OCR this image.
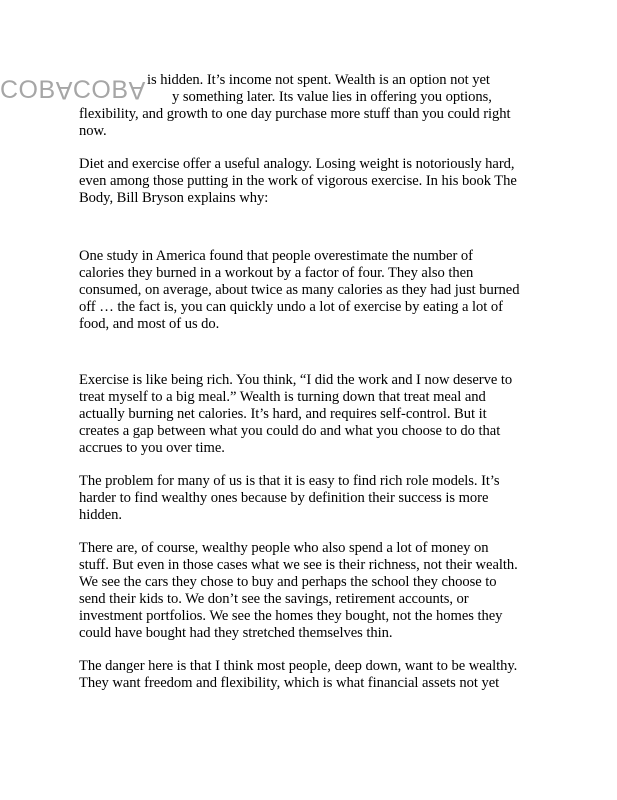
COBACOBA is hidden. It’s income not spent. Wealth is an option not yet
y something later. Its value lies in offering you options,
flexibility, and growth to one day purchase more stuff than you could right
now.

Diet and exercise offer a useful analogy. Losing weight is notoriously hard,
even among those putting in the work of vigorous exercise. In his book The
Body, Bill Bryson explains why:

One study in America found that people overestimate the number of
calories they burned in a workout by a factor of four. They also then
consumed, on average, about twice as many calories as they had just burned
off … the fact is, you can quickly undo a lot of exercise by eating a lot of
food, and most of us do.

Exercise is like being rich. You think, “I did the work and I now deserve to
treat myself to a big meal.” Wealth is turning down that treat meal and
actually burning net calories. It’s hard, and requires self-control. But it
creates a gap between what you could do and what you choose to do that
accrues to you over time.

The problem for many of us is that it is easy to find rich role models. It’s
harder to find wealthy ones because by definition their success is more
hidden.

There are, of course, wealthy people who also spend a lot of money on
stuff. But even in those cases what we see is their richness, not their wealth.
We see the cars they chose to buy and perhaps the school they choose to
send their kids to. We don’t see the savings, retirement accounts, or
investment portfolios. We see the homes they bought, not the homes they
could have bought had they stretched themselves thin.

The danger here is that I think most people, deep down, want to be wealthy.
They want freedom and flexibility, which is what financial assets not yet
